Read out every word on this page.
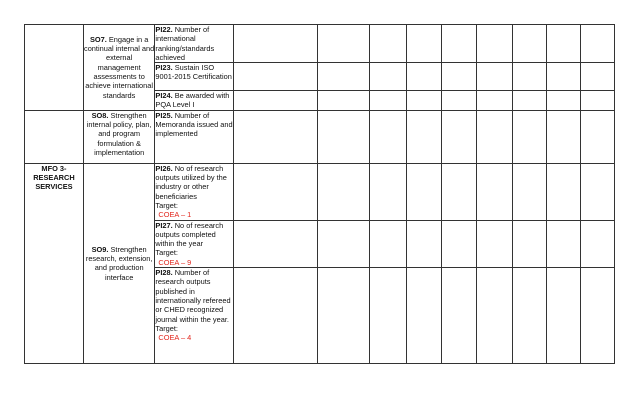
	SO7. Engage in a continual internal and external management assessments to achieve international standards	PI22. Number of international ranking/standards achieved									
		PI23. Sustain ISO 9001-2015 Certification									
		PI24. Be awarded with PQA Level I									
	SO8. Strengthen internal policy, plan, and program formulation & implementation	PI25. Number of Memoranda issued and implemented									
MFO 3- RESEARCH SERVICES	SO9. Strengthen research, extension, and production interface	PI26. No of research outputs utilized by the industry or other beneficiaries
Target:
COEA – 1									

		PI27. No of research outputs completed within the year
Target:
COEA – 9									

		PI28. Number of research outputs published in internationally refereed or CHED recognized journal within the year.
Target:
COEA – 4									
